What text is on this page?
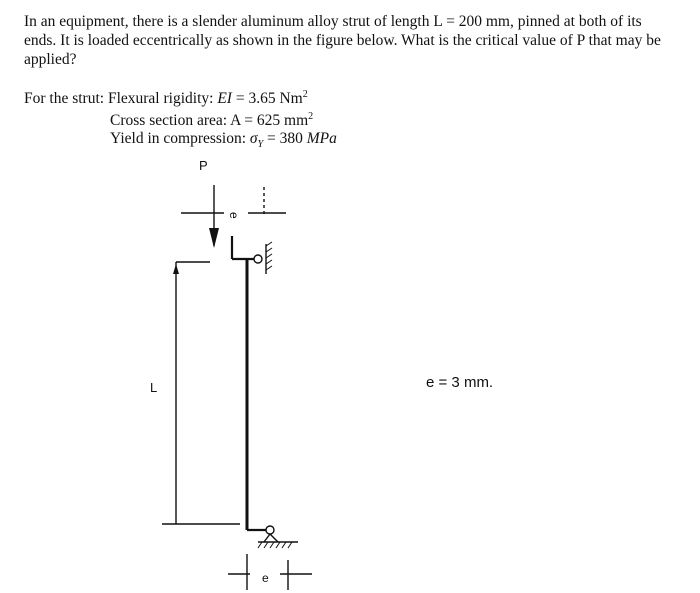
In an equipment, there is a slender aluminum alloy strut of length L = 200 mm, pinned at both of its ends. It is loaded eccentrically as shown in the figure below. What is the critical value of P that may be applied?
For the strut: Flexural rigidity: EI = 3.65 Nm$^2$
Cross section area: A = 625 $mm^2$
Yield in compression: $\sigma_Y = 380$ MPa
P
e
L
e
e = 3 mm.
